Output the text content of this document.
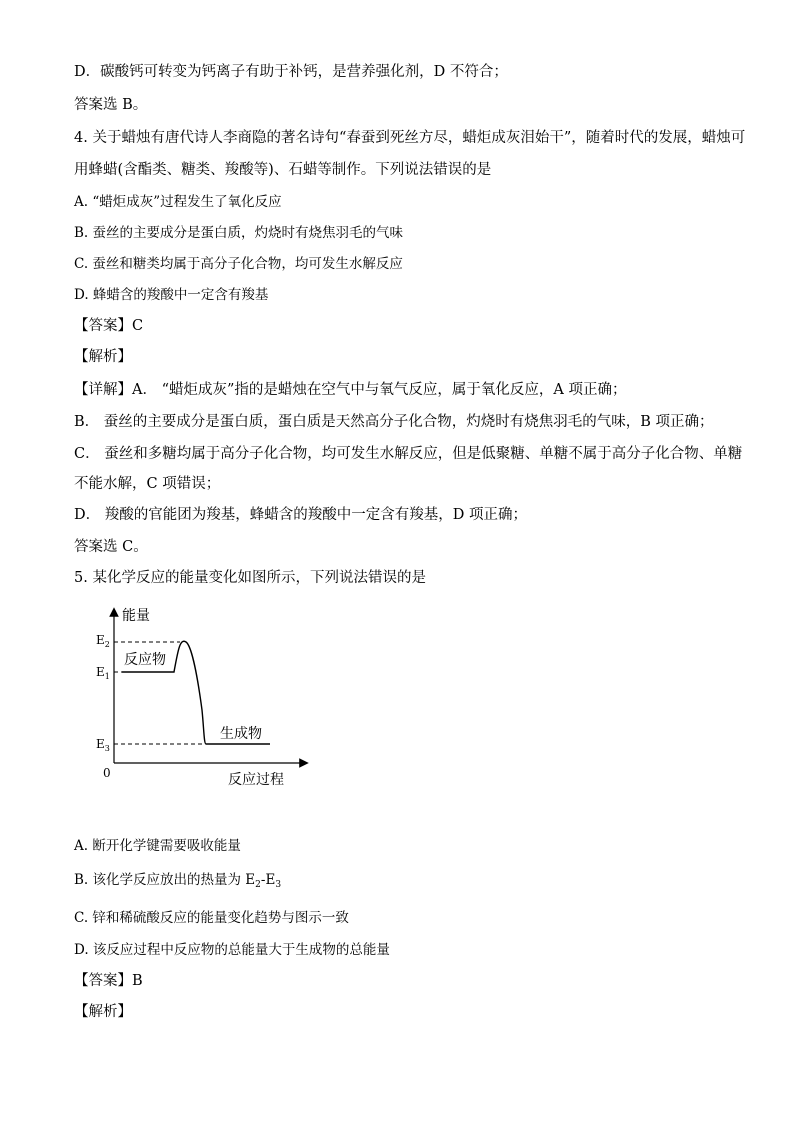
D．碳酸钙可转变为钙离子有助于补钙，是营养强化剂，D 不符合；
答案选 B。
4. 关于蜡烛有唐代诗人李商隐的著名诗句“春蚕到死丝方尽，蜡炬成灰泪始干”，随着时代的发展，蜡烛可
用蜂蜡(含酯类、糖类、羧酸等)、石蜡等制作。下列说法错误的是
A. “蜡炬成灰”过程发生了氧化反应
B. 蚕丝的主要成分是蛋白质，灼烧时有烧焦羽毛的气味
C. 蚕丝和糖类均属于高分子化合物，均可发生水解反应
D. 蜂蜡含的羧酸中一定含有羧基
【答案】C
【解析】
【详解】A． “蜡炬成灰”指的是蜡烛在空气中与氧气反应，属于氧化反应，A 项正确；
B． 蚕丝的主要成分是蛋白质，蛋白质是天然高分子化合物，灼烧时有烧焦羽毛的气味，B 项正确；
C． 蚕丝和多糖均属于高分子化合物，均可发生水解反应，但是低聚糖、单糖不属于高分子化合物、单糖
不能水解，C 项错误；
D． 羧酸的官能团为羧基，蜂蜡含的羧酸中一定含有羧基，D 项正确；
答案选 C。
5. 某化学反应的能量变化如图所示，下列说法错误的是
能量
反应过程
0
$E_2$
$E_1$
$E_3$
反应物
生成物
A. 断开化学键需要吸收能量
B. 该化学反应放出的热量为 $E_2-E_3$
C. 锌和稀硫酸反应的能量变化趋势与图示一致
D. 该反应过程中反应物的总能量大于生成物的总能量
【答案】B
【解析】
